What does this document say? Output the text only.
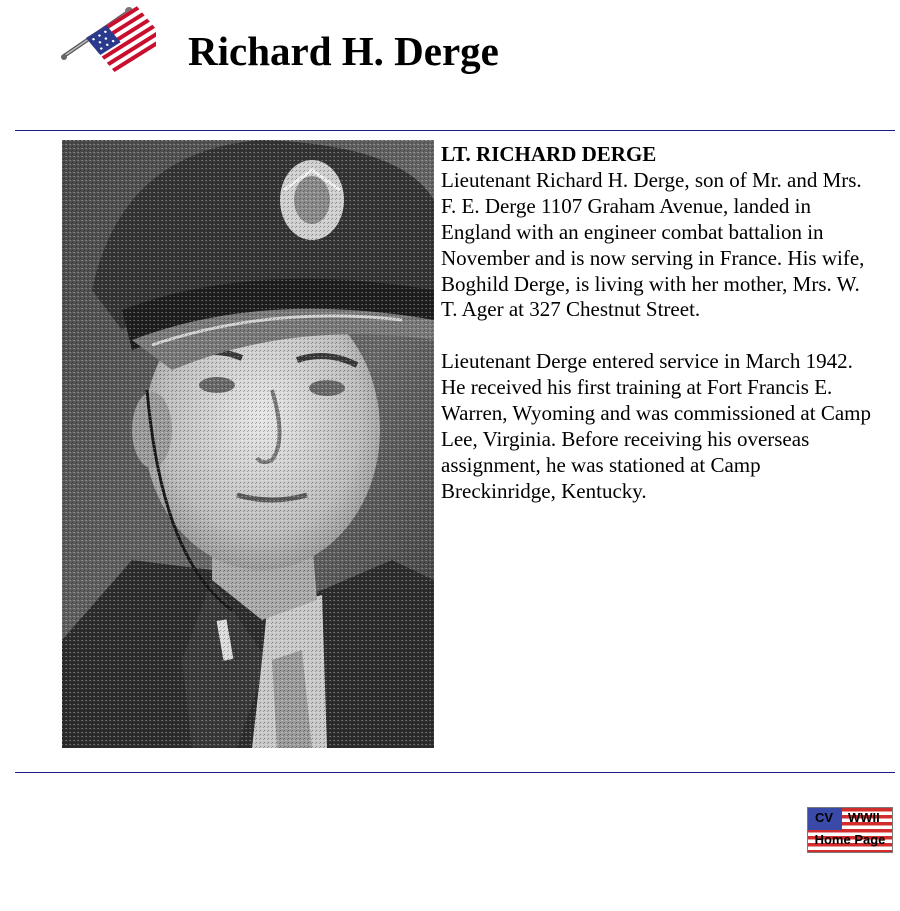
Richard H. Derge
LT. RICHARD DERGE

Lieutenant Richard H. Derge, son of Mr. and Mrs. F. E. Derge 1107 Graham Avenue, landed in England with an engineer combat battalion in November and is now serving in France. His wife, Boghild Derge, is living with her mother, Mrs. W. T. Ager at 327 Chestnut Street.

Lieutenant Derge entered service in March 1942. He received his first training at Fort Francis E. Warren, Wyoming and was commissioned at Camp Lee, Virginia. Before receiving his overseas assignment, he was stationed at Camp Breckinridge, Kentucky.

CV WWII
Home Page
